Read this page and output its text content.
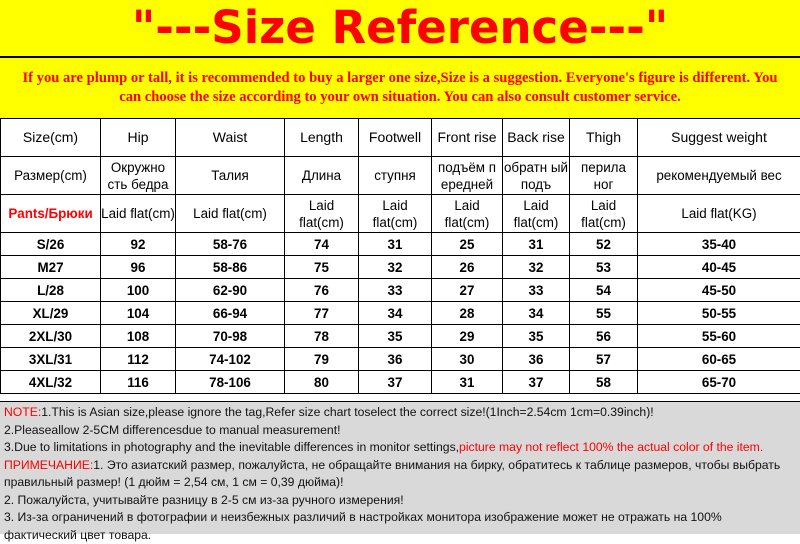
"---Size Reference---"
If you are plump or tall, it is recommended to buy a larger one size,Size is a suggestion. Everyone's figure is different. You can choose the size according to your own situation. You can also consult customer service.
Size(cm)	Hip	Waist	Length	Footwell	Front rise	Back rise	Thigh	Suggest weight
Размер(cm)	Окружно сть бедра	Талия	Длина	ступня	подъём п ередней	обратн ый подъ	перила ног	рекомендуемый вес
Pants/Брюки	Laid flat(cm)	Laid flat(cm)	Laid flat(cm)	Laid flat(cm)	Laid flat(cm)	Laid flat(cm)	Laid flat(cm)	Laid flat(KG)
S/26	92	58-76	74	31	25	31	52	35-40
M27	96	58-86	75	32	26	32	53	40-45
L/28	100	62-90	76	33	27	33	54	45-50
XL/29	104	66-94	77	34	28	34	55	50-55
2XL/30	108	70-98	78	35	29	35	56	55-60
3XL/31	112	74-102	79	36	30	36	57	60-65
4XL/32	116	78-106	80	37	31	37	58	65-70

NOTE:1.This is Asian size,please ignore the tag,Refer size chart toselect the correct size!(1Inch=2.54cm 1cm=0.39inch)!

2.Pleaseallow 2-5CM differencesdue to manual measurement!

3.Due to limitations in photography and the inevitable differences in monitor settings,picture may not reflect 100% the actual color of the item.

ПРИМЕЧАНИЕ:1. Это азиатский размер, пожалуйста, не обращайте внимания на бирку, обратитесь к таблице размеров, чтобы выбрать правильный размер! (1 дюйм = 2,54 см, 1 см = 0,39 дюйма)!

2. Пожалуйста, учитывайте разницу в 2-5 см из-за ручного измерения!

3. Из-за ограничений в фотографии и неизбежных различий в настройках монитора изображение может не отражать на 100% фактический цвет товара.
